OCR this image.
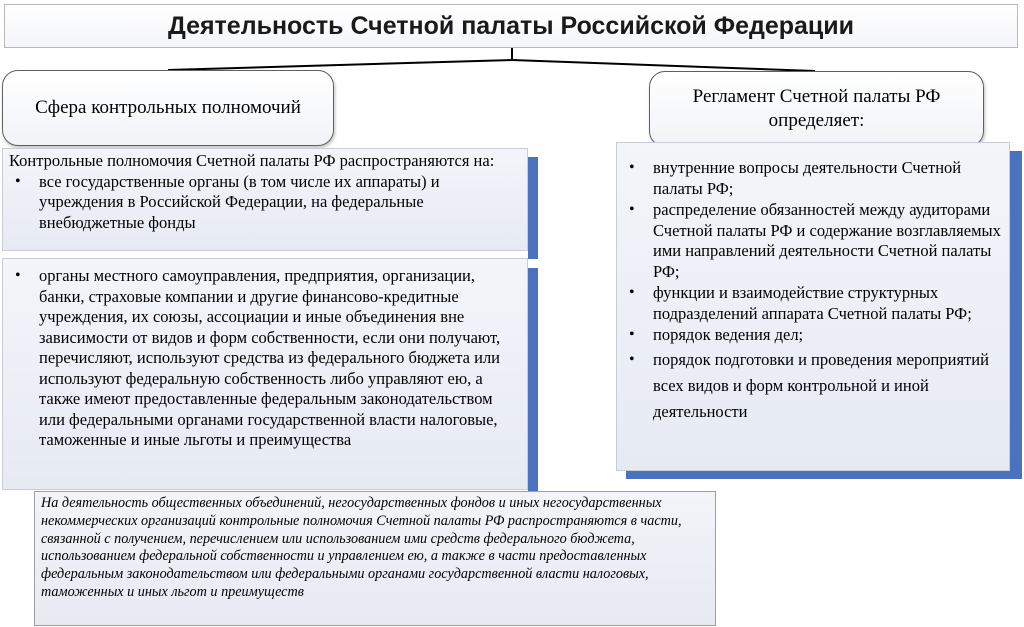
Деятельность Счетной палаты Российской Федерации
Сфера контрольных полномочий

Контрольные полномочия Счетной палаты РФ распространяются на:

• все государственные органы (в том числе их аппараты) и учреждения в Российской Федерации, на федеральные внебюджетные фонды
• органы местного самоуправления, предприятия, организации, банки, страховые компании и другие финансово-кредитные учреждения, их союзы, ассоциации и иные объединения вне зависимости от видов и форм собственности, если они получают, перечисляют, используют средства из федерального бюджета или используют федеральную собственность либо управляют ею, а также имеют предоставленные федеральным законодательством или федеральными органами государственной власти налоговые, таможенные и иные льготы и преимущества
На деятельность общественных объединений, негосударственных фондов и иных негосударственных некоммерческих организаций контрольные полномочия Счетной палаты РФ распространяются в части, связанной с получением, перечислением или использованием ими средств федерального бюджета, использованием федеральной собственности и управлением ею, а также в части предоставленных федеральным законодательством или федеральными органами государственной власти налоговых, таможенных и иных льгот и преимуществ
Регламент Счетной палаты РФ определяет:
• внутренние вопросы деятельности Счетной палаты РФ;
• распределение обязанностей между аудиторами Счетной палаты РФ и содержание возглавляемых ими направлений деятельности Счетной палаты РФ;
• функции и взаимодействие структурных подразделений аппарата Счетной палаты РФ;
• порядок ведения дел;
• порядок подготовки и проведения мероприятий всех видов и форм контрольной и иной деятельности
